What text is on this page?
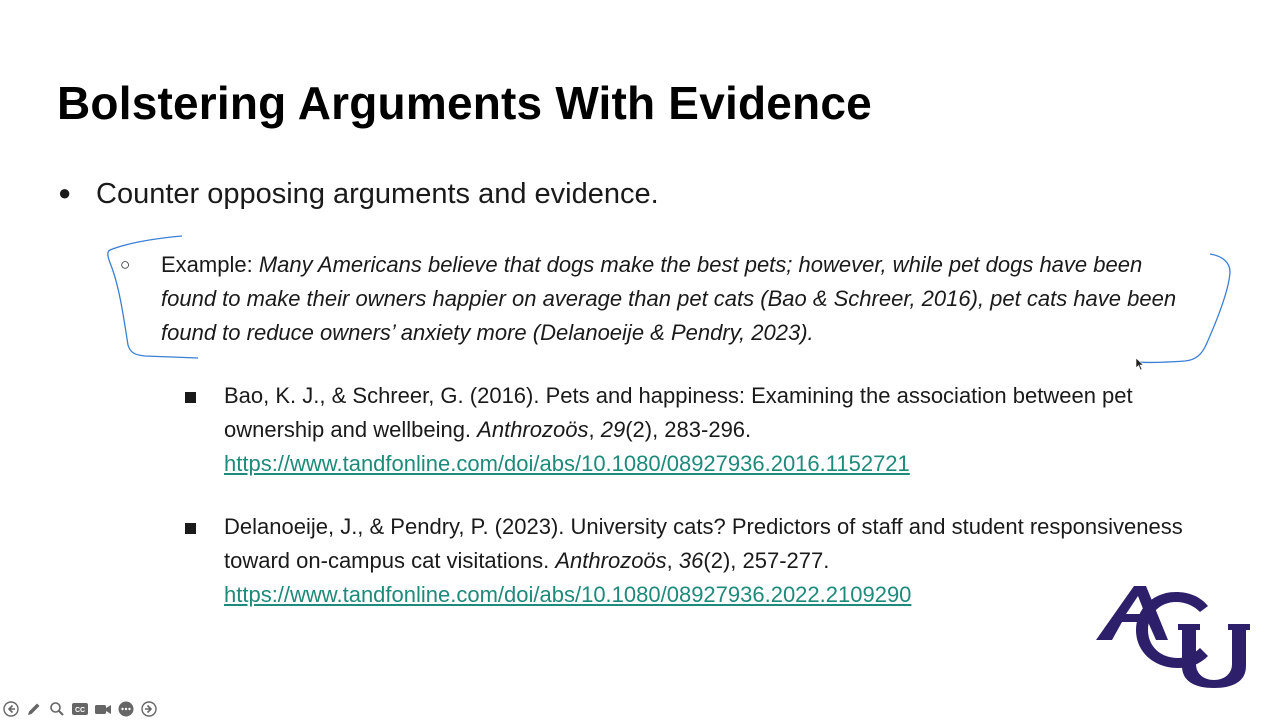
Bolstering Arguments With Evidence
● Counter opposing arguments and evidence.
○ Example: Many Americans believe that dogs make the best pets; however, while pet dogs have been found to make their owners happier on average than pet cats (Bao & Schreer, 2016), pet cats have been found to reduce owners’ anxiety more (Delanoeije & Pendry, 2023).
Bao, K. J., & Schreer, G. (2016). Pets and happiness: Examining the association between pet ownership and wellbeing. Anthrozoös, 29(2), 283-296.
https://www.tandfonline.com/doi/abs/10.1080/08927936.2016.1152721
Delanoeije, J., & Pendry, P. (2023). University cats? Predictors of staff and student responsiveness toward on-campus cat visitations. Anthrozoös, 36(2), 257-277.
https://www.tandfonline.com/doi/abs/10.1080/08927936.2022.2109290
CC
